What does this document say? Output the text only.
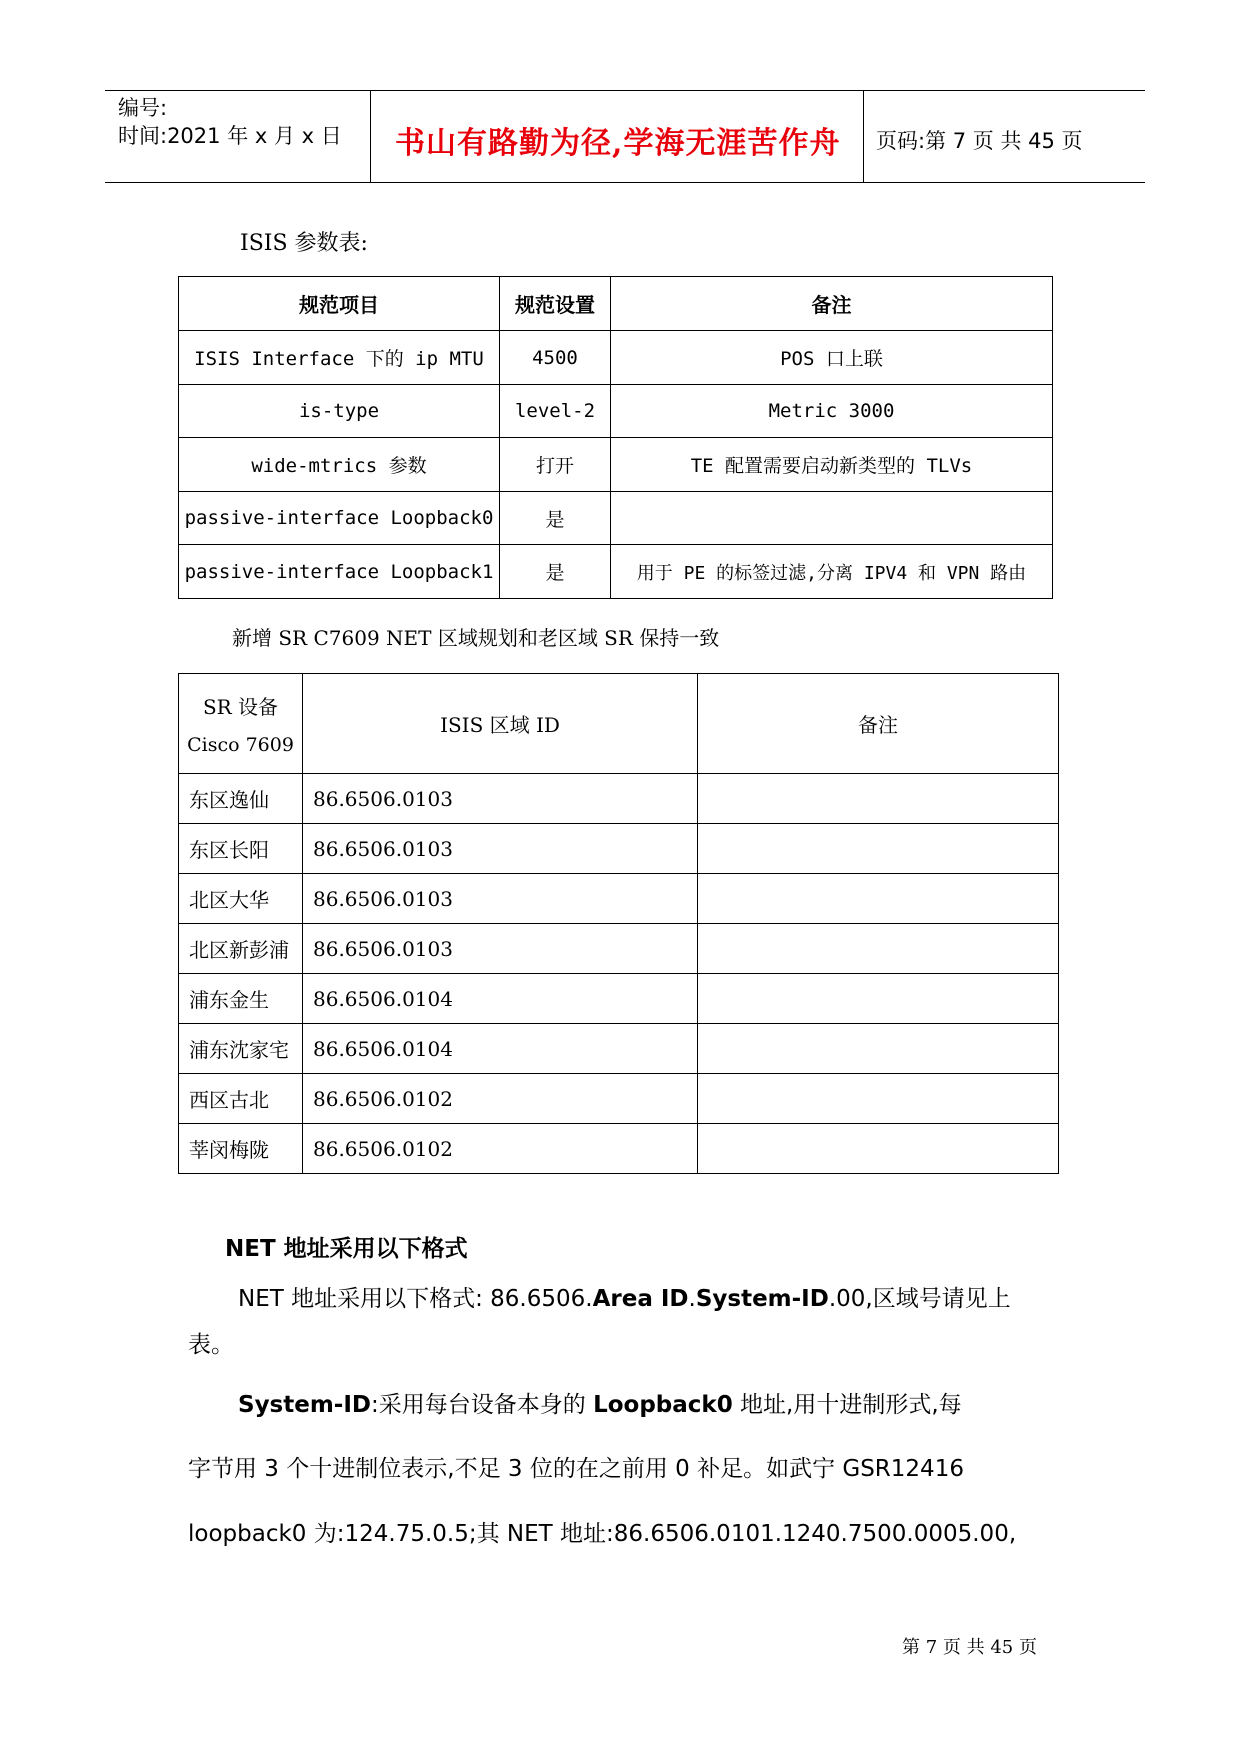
编号:
时间:2021 年 x 月 x 日 书山有路勤为径,学海无涯苦作舟 页码:第 7 页 共 45 页
ISIS 参数表:
规范项目	规范设置	备注
ISIS Interface 下的 ip MTU	4500	POS 口上联
is-type	level-2	Metric 3000
wide-mtrics 参数	打开	TE 配置需要启动新类型的 TLVs
passive-interface Loopback0	是	
passive-interface Loopback1	是	用于 PE 的标签过滤,分离 IPV4 和 VPN 路由
新增 SR C7609 NET 区域规划和老区域 SR 保持一致
SR 设备
Cisco 7609	ISIS 区域 ID	备注
东区逸仙	86.6506.0103	
东区长阳	86.6506.0103	
北区大华	86.6506.0103	
北区新彭浦	86.6506.0103	
浦东金生	86.6506.0104	
浦东沈家宅	86.6506.0104	
西区古北	86.6506.0102	
莘闵梅陇	86.6506.0102	
NET 地址采用以下格式
NET 地址采用以下格式: 86.6506.Area ID.System-ID.00,区域号请见上
表。
System-ID:采用每台设备本身的 Loopback0 地址,用十进制形式,每
字节用 3 个十进制位表示,不足 3 位的在之前用 0 补足。如武宁 GSR12416
loopback0 为:124.75.0.5;其 NET 地址:86.6506.0101.1240.7500.0005.00,
第 7 页 共 45 页
